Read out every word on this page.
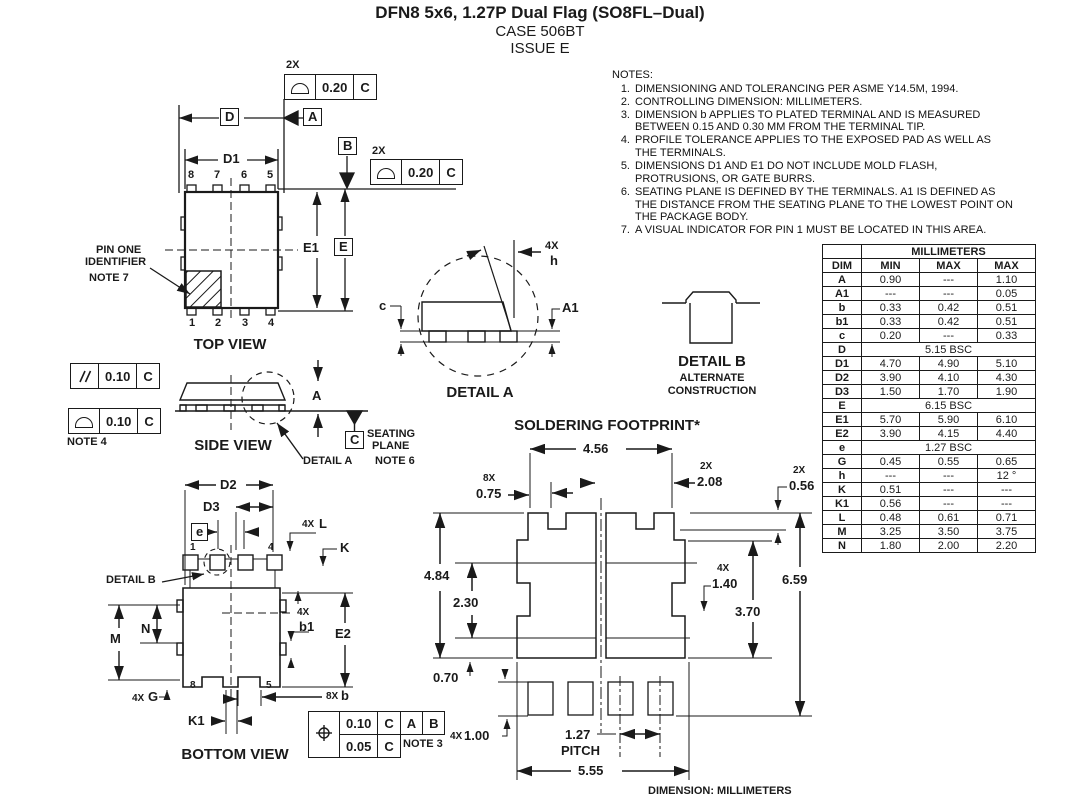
DFN8 5x6, 1.27P Dual Flag (SO8FL–Dual)
CASE 506BT
ISSUE E
NOTES:
1. DIMENSIONING AND TOLERANCING PER ASME Y14.5M, 1994.
2. CONTROLLING DIMENSION: MILLIMETERS.
3. DIMENSION b APPLIES TO PLATED TERMINAL AND IS MEASURED BETWEEN 0.15 AND 0.30 MM FROM THE TERMINAL TIP.
4. PROFILE TOLERANCE APPLIES TO THE EXPOSED PAD AS WELL AS THE TERMINALS.
5. DIMENSIONS D1 AND E1 DO NOT INCLUDE MOLD FLASH, PROTRUSIONS, OR GATE BURRS.
6. SEATING PLANE IS DEFINED BY THE TERMINALS. A1 IS DEFINED AS THE DISTANCE FROM THE SEATING PLANE TO THE LOWEST POINT ON THE PACKAGE BODY.
7. A VISUAL INDICATOR FOR PIN 1 MUST BE LOCATED IN THIS AREA.
	MILLIMETERS		
DIM	MIN	MAX	MAX
A	0.90	---	1.10
A1	---	---	0.05
b	0.33	0.42	0.51
b1	0.33	0.42	0.51
c	0.20	---	0.33
D	5.15 BSC		
D1	4.70	4.90	5.10
D2	3.90	4.10	4.30
D3	1.50	1.70	1.90
E	6.15 BSC		
E1	5.70	5.90	6.10
E2	3.90	4.15	4.40
e	1.27 BSC		
G	0.45	0.55	0.65
h	---	---	12 °
K	0.51	---	---
K1	0.56	---	---
L	0.48	0.61	0.71
M	3.25	3.50	3.75
N	1.80	2.00	2.20
2X
0.20	C
D	A
D1
B	2X
0.20	C
E1	E
8 7 6 5
1 2 3 4
PIN ONE
IDENTIFIER
NOTE 7
TOP VIEW
0.10	C
0.10	C
NOTE 4
A
C SEATING
PLANE
NOTE 6
SIDE VIEW
DETAIL A
4X
h
c	A1
DETAIL A
DETAIL B
ALTERNATE
CONSTRUCTION
D2
D3
e	4X L
K
1	4
DETAIL B
M
N
4X
b1 E2
8	5
4X G	8X b
K1
		0.10	C	A	B
	0.05	C		NOTE 3
BOTTOM VIEW
SOLDERING FOOTPRINT*
4.56
8X
0.75
2X
2.08
2X
0.56
4.84
2.30
0.70
4X 1.00	1.27
PITCH
5.55
6.59
3.70
4X
1.40
DIMENSION: MILLIMETERS
